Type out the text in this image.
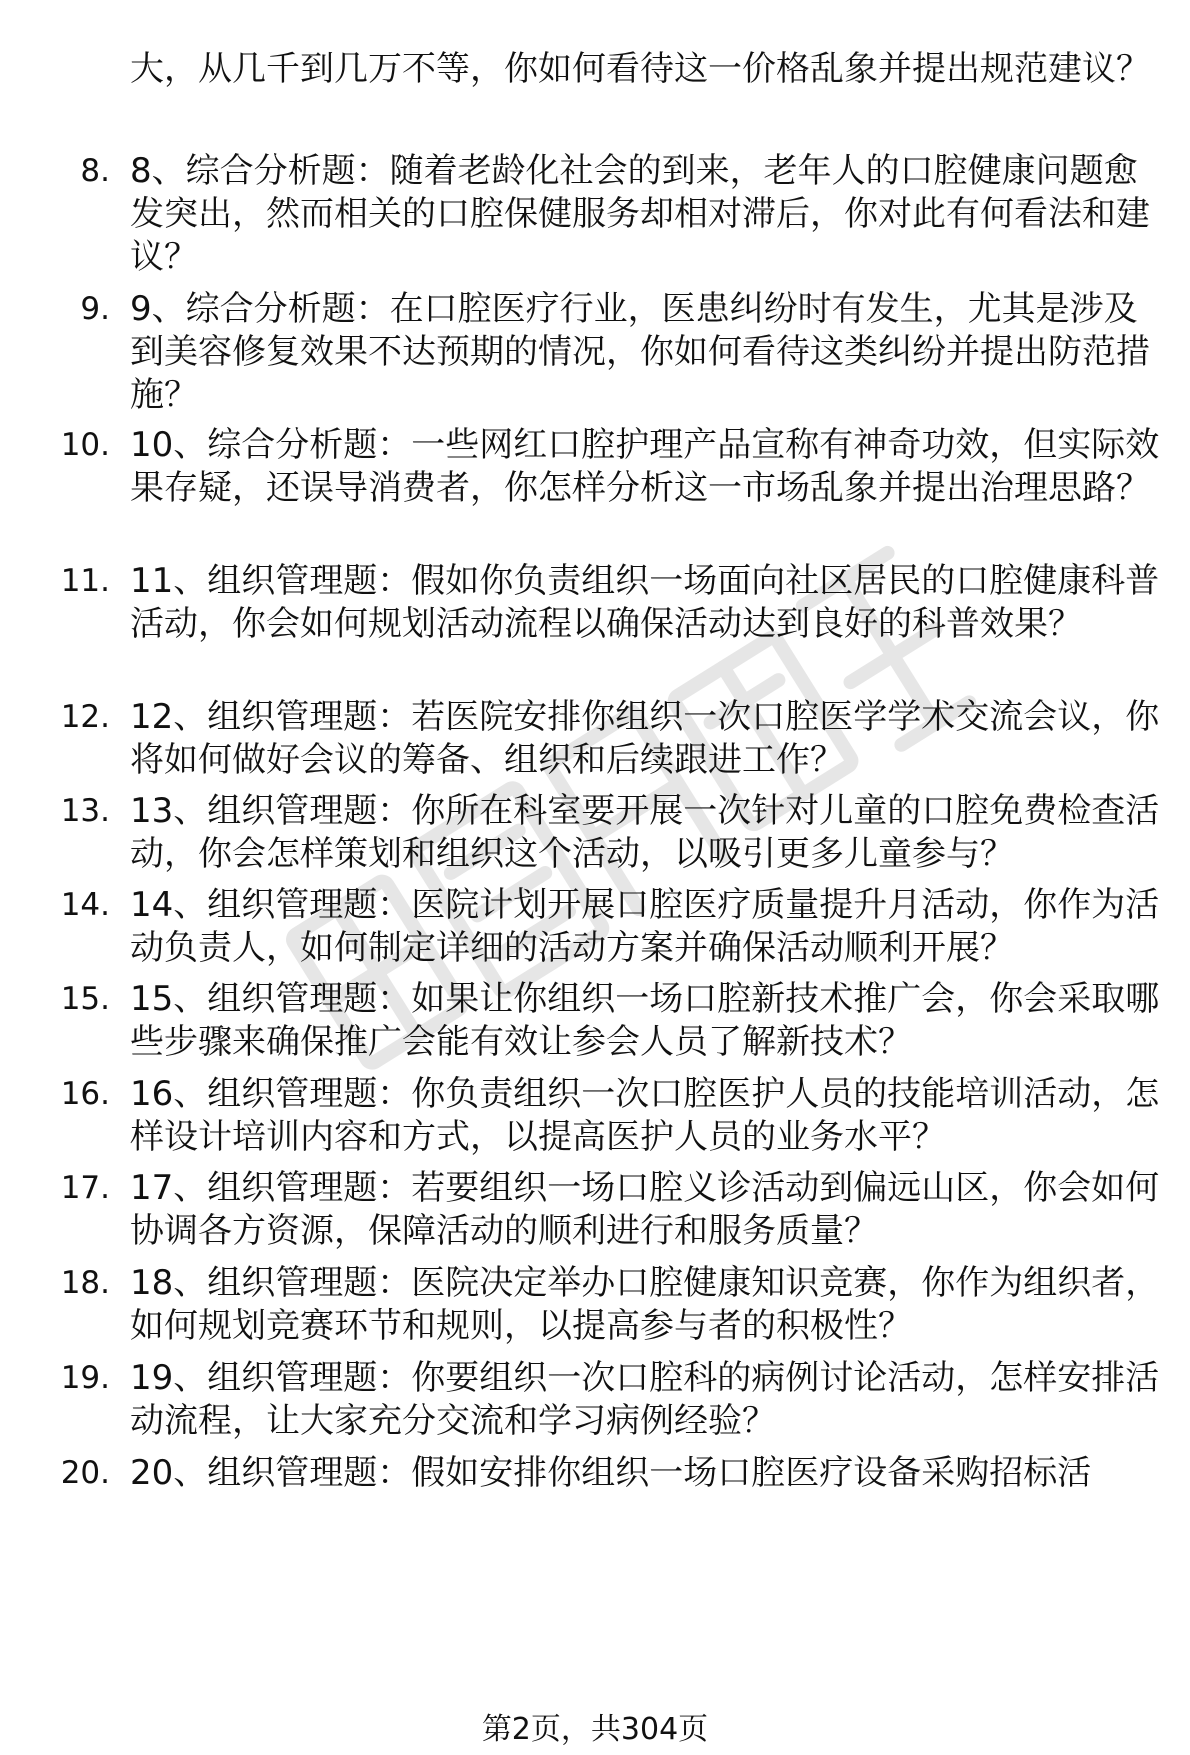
大，从几千到几万不等，你如何看待这一价格乱象并提出规范建议？
8. 8、综合分析题：随着老龄化社会的到来，老年人的口腔健康问题愈发突出，然而相关的口腔保健服务却相对滞后，你对此有何看法和建议？
9. 9、综合分析题：在口腔医疗行业，医患纠纷时有发生，尤其是涉及到美容修复效果不达预期的情况，你如何看待这类纠纷并提出防范措施？
10. 10、综合分析题：一些网红口腔护理产品宣称有神奇功效，但实际效果存疑，还误导消费者，你怎样分析这一市场乱象并提出治理思路？
11. 11、组织管理题：假如你负责组织一场面向社区居民的口腔健康科普活动，你会如何规划活动流程以确保活动达到良好的科普效果？
12. 12、组织管理题：若医院安排你组织一次口腔医学学术交流会议，你将如何做好会议的筹备、组织和后续跟进工作？
13. 13、组织管理题：你所在科室要开展一次针对儿童的口腔免费检查活动，你会怎样策划和组织这个活动，以吸引更多儿童参与？
14. 14、组织管理题：医院计划开展口腔医疗质量提升月活动，你作为活动负责人，如何制定详细的活动方案并确保活动顺利开展？
15. 15、组织管理题：如果让你组织一场口腔新技术推广会，你会采取哪些步骤来确保推广会能有效让参会人员了解新技术？
16. 16、组织管理题：你负责组织一次口腔医护人员的技能培训活动，怎样设计培训内容和方式，以提高医护人员的业务水平？
17. 17、组织管理题：若要组织一场口腔义诊活动到偏远山区，你会如何协调各方资源，保障活动的顺利进行和服务质量？
18. 18、组织管理题：医院决定举办口腔健康知识竞赛，你作为组织者，如何规划竞赛环节和规则，以提高参与者的积极性？
19. 19、组织管理题：你要组织一次口腔科的病例讨论活动，怎样安排活动流程，让大家充分交流和学习病例经验？
20. 20、组织管理题：假如安排你组织一场口腔医疗设备采购招标活
第2页，共304页
